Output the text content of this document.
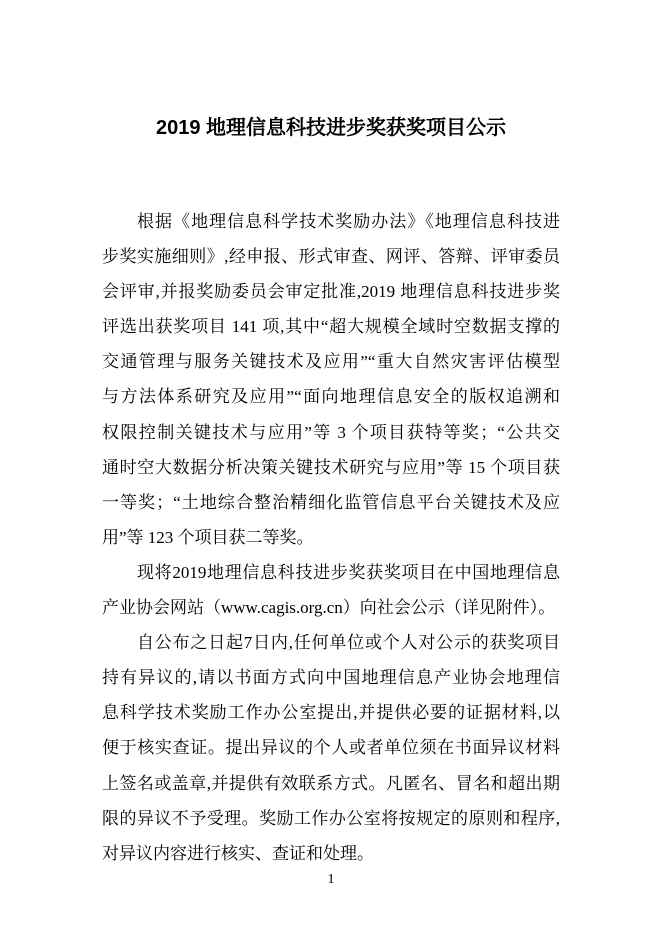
2019 地理信息科技进步奖获奖项目公示
根据《地理信息科学技术奖励办法》《地理信息科技进
步奖实施细则》,经申报、形式审查、网评、答辩、评审委员
会评审,并报奖励委员会审定批准,2019 地理信息科技进步奖
评选出获奖项目 141 项,其中“超大规模全域时空数据支撑的
交通管理与服务关键技术及应用”“重大自然灾害评估模型
与方法体系研究及应用”“面向地理信息安全的版权追溯和
权限控制关键技术与应用”等 3 个项目获特等奖；“公共交
通时空大数据分析决策关键技术研究与应用”等 15 个项目获
一等奖；“土地综合整治精细化监管信息平台关键技术及应
用”等 123 个项目获二等奖。
现将2019地理信息科技进步奖获奖项目在中国地理信息
产业协会网站（www.cagis.org.cn）向社会公示（详见附件）。
自公布之日起7日内,任何单位或个人对公示的获奖项目
持有异议的,请以书面方式向中国地理信息产业协会地理信
息科学技术奖励工作办公室提出,并提供必要的证据材料,以
便于核实查证。提出异议的个人或者单位须在书面异议材料
上签名或盖章,并提供有效联系方式。凡匿名、冒名和超出期
限的异议不予受理。奖励工作办公室将按规定的原则和程序,
对异议内容进行核实、查证和处理。
1
